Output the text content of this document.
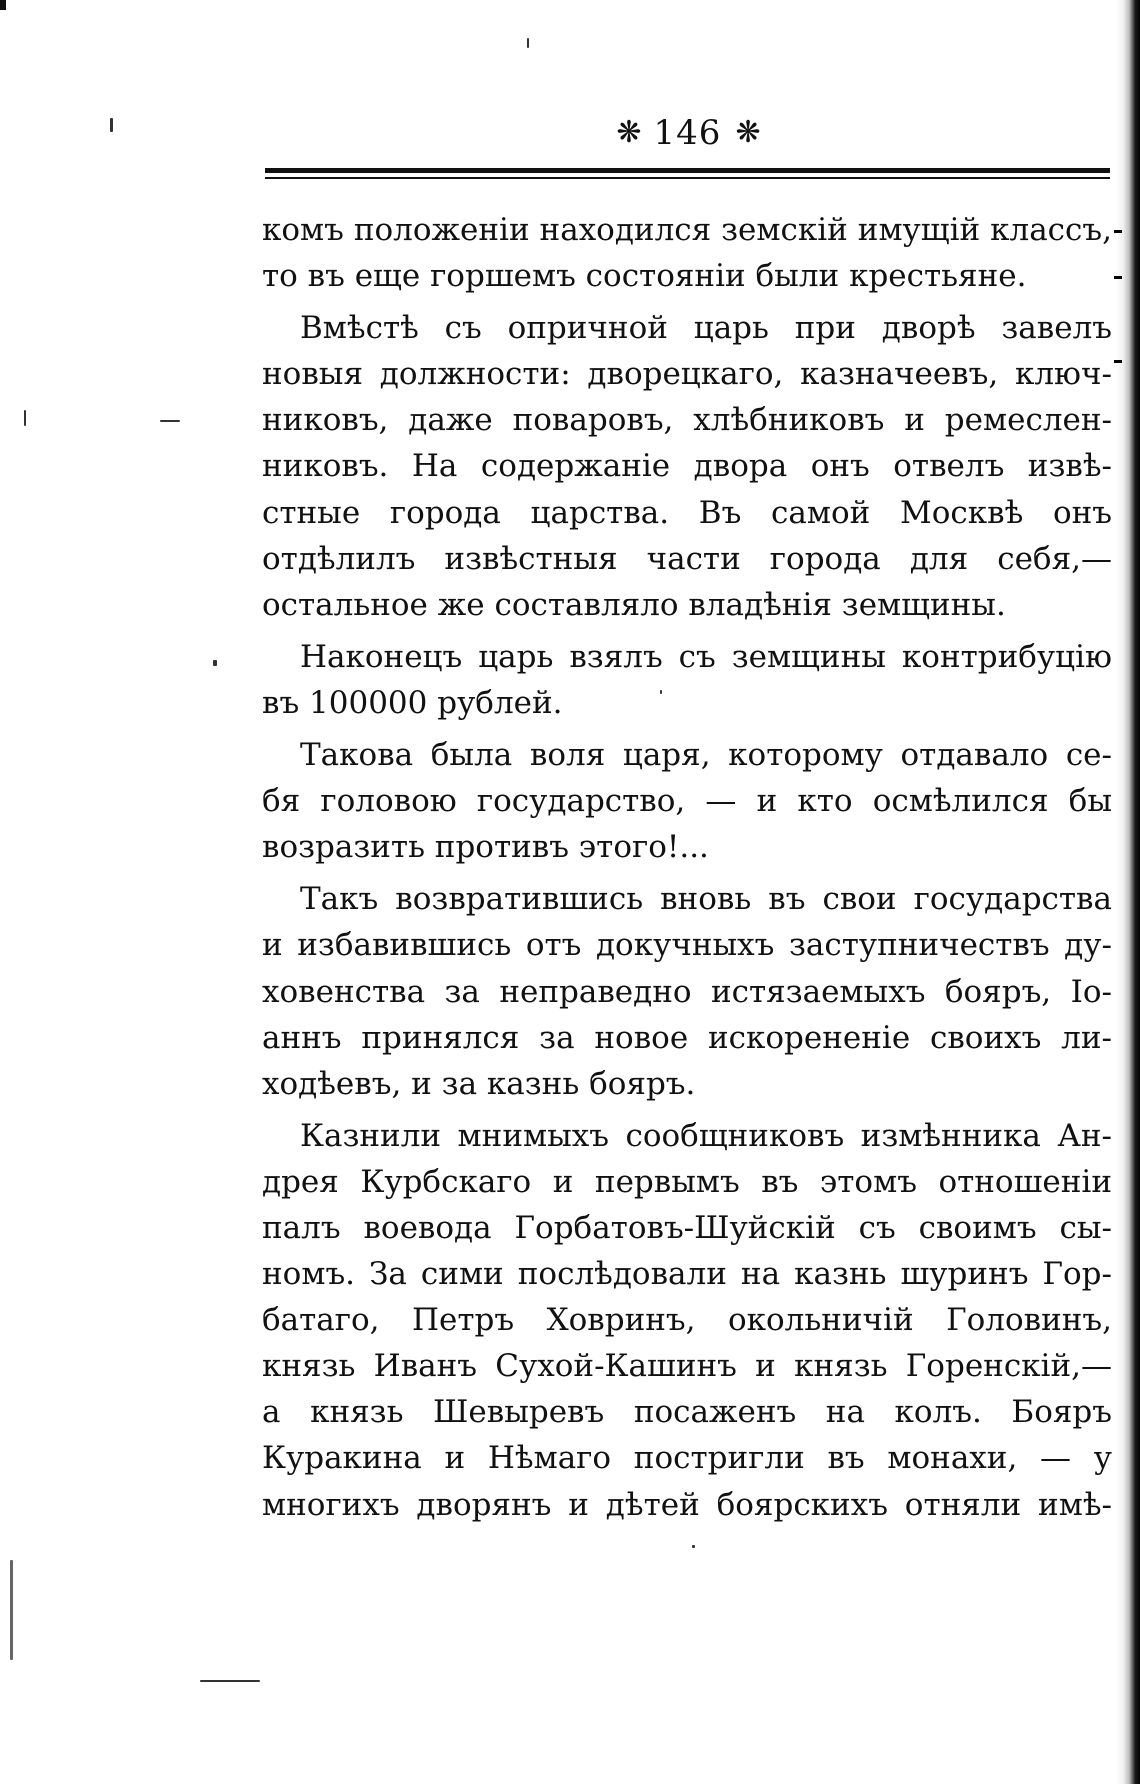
❋ 146 ❋
комъ положеніи находился земскій имущій классъ,
то въ еще горшемъ состояніи были крестьяне.
Вмѣстѣ съ опричной царь при дворѣ завелъ
новыя должности: дворецкаго, казначеевъ, ключ-
никовъ, даже поваровъ, хлѣбниковъ и ремеслен-
никовъ. На содержаніе двора онъ отвелъ извѣ-
стные города царства. Въ самой Москвѣ онъ
отдѣлилъ извѣстныя части города для себя,—
остальное же составляло владѣнія земщины.
Наконецъ царь взялъ съ земщины контрибуцію
въ 100000 рублей.
Такова была воля царя, которому отдавало се-
бя головою государство, — и кто осмѣлился бы
возразить противъ этого!...
Такъ возвратившись вновь въ свои государства
и избавившись отъ докучныхъ заступничествъ ду-
ховенства за неправедно истязаемыхъ бояръ, Іо-
аннъ принялся за новое искорененіе своихъ ли-
ходѣевъ, и за казнь бояръ.
Казнили мнимыхъ сообщниковъ измѣнника Ан-
дрея Курбскаго и первымъ въ этомъ отношеніи
палъ воевода Горбатовъ-Шуйскій съ своимъ сы-
номъ. За сими послѣдовали на казнь шуринъ Гор-
батаго, Петръ Ховринъ, окольничій Головинъ,
князь Иванъ Сухой-Кашинъ и князь Горенскій,—
а князь Шевыревъ посаженъ на колъ. Бояръ
Куракина и Нѣмаго постригли въ монахи, — у
многихъ дворянъ и дѣтей боярскихъ отняли имѣ-
